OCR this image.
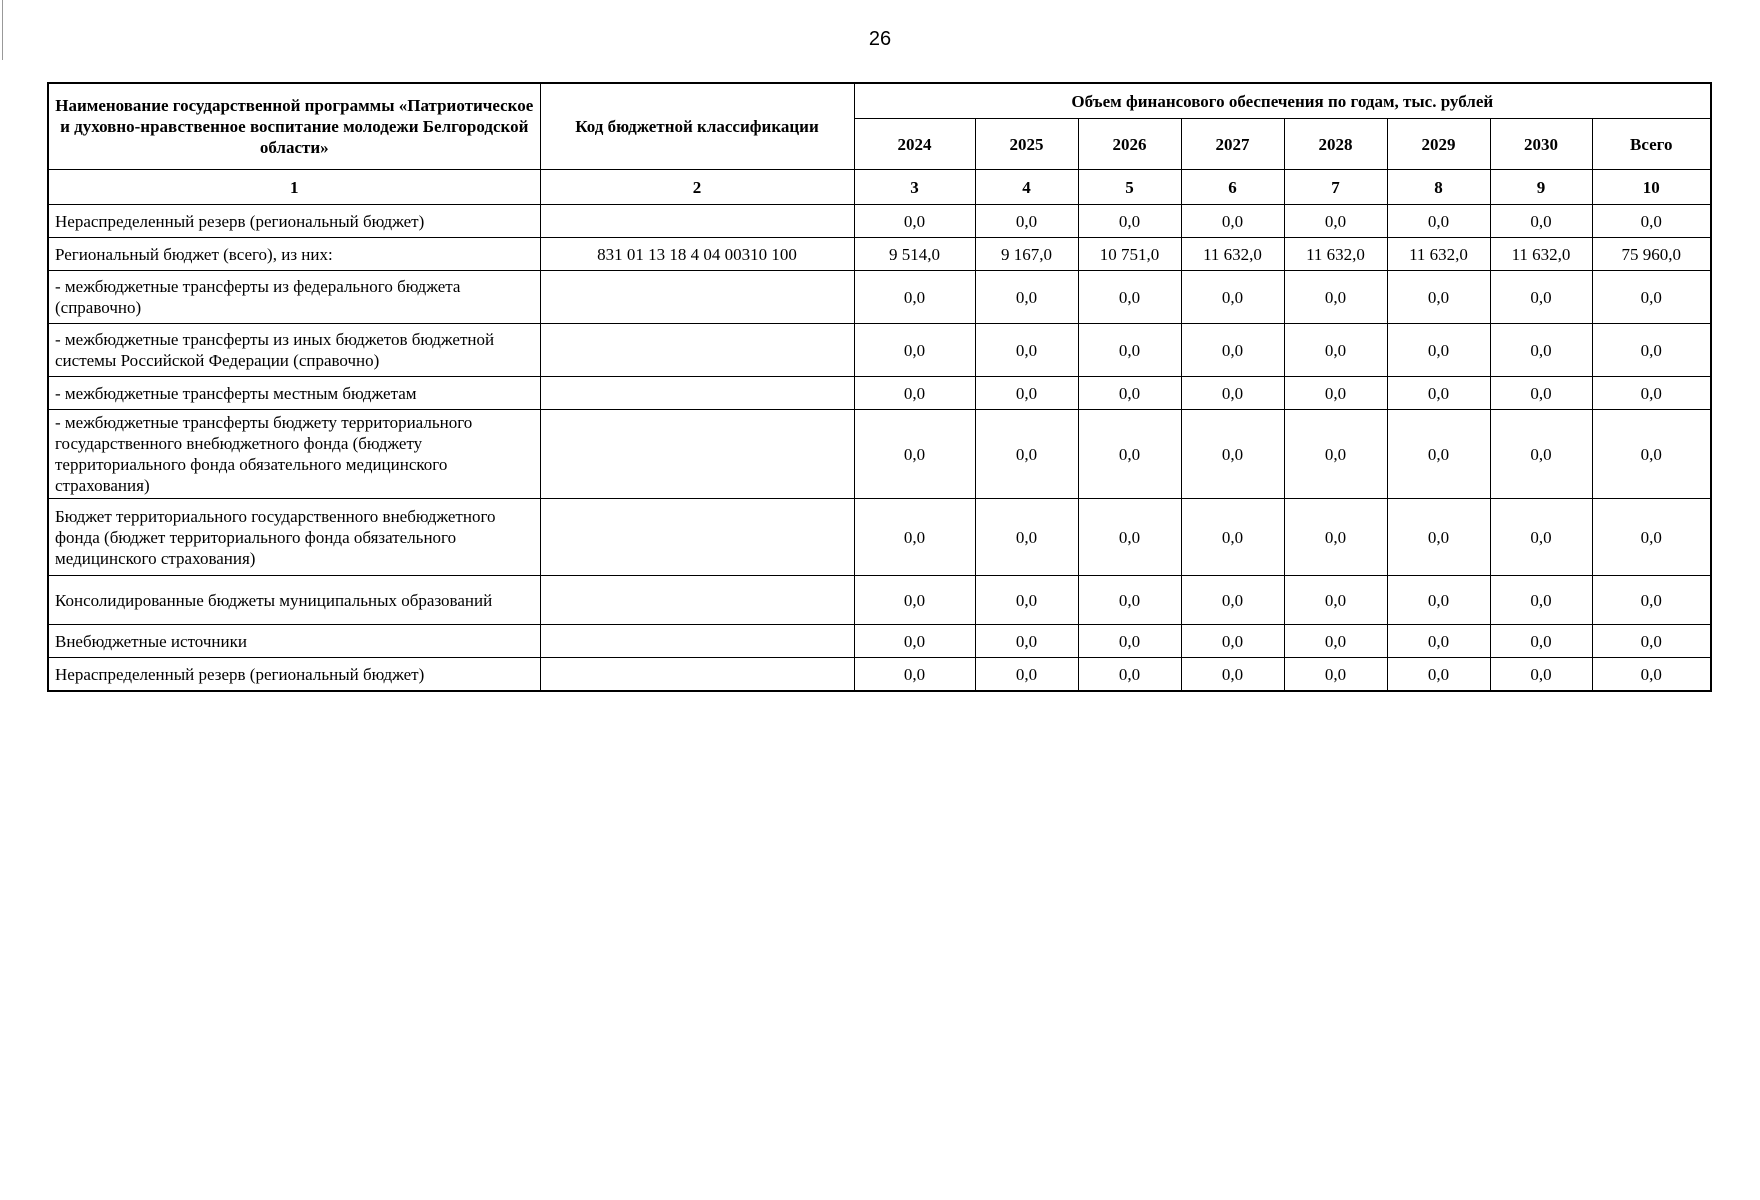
26
Наименование государственной программы «Патриотическое и духовно-нравственное воспитание молодежи Белгородской области»	Код бюджетной классификации	Объем финансового обеспечения по годам, тыс. рублей							
		2024	2025	2026	2027	2028	2029	2030	Всего
1	2	3	4	5	6	7	8	9	10
Нераспределенный резерв (региональный бюджет)		0,0	0,0	0,0	0,0	0,0	0,0	0,0	0,0
Региональный бюджет (всего), из них:	831 01 13 18 4 04 00310 100	9 514,0	9 167,0	10 751,0	11 632,0	11 632,0	11 632,0	11 632,0	75 960,0
- межбюджетные трансферты из федерального бюджета (справочно)		0,0	0,0	0,0	0,0	0,0	0,0	0,0	0,0
- межбюджетные трансферты из иных бюджетов бюджетной системы Российской Федерации (справочно)		0,0	0,0	0,0	0,0	0,0	0,0	0,0	0,0
- межбюджетные трансферты местным бюджетам		0,0	0,0	0,0	0,0	0,0	0,0	0,0	0,0
- межбюджетные трансферты бюджету территориального государственного внебюджетного фонда (бюджету территориального фонда обязательного медицинского страхования)		0,0	0,0	0,0	0,0	0,0	0,0	0,0	0,0
Бюджет территориального государственного внебюджетного фонда (бюджет территориального фонда обязательного медицинского страхования)		0,0	0,0	0,0	0,0	0,0	0,0	0,0	0,0
Консолидированные бюджеты муниципальных образований		0,0	0,0	0,0	0,0	0,0	0,0	0,0	0,0
Внебюджетные источники		0,0	0,0	0,0	0,0	0,0	0,0	0,0	0,0
Нераспределенный резерв (региональный бюджет)		0,0	0,0	0,0	0,0	0,0	0,0	0,0	0,0
